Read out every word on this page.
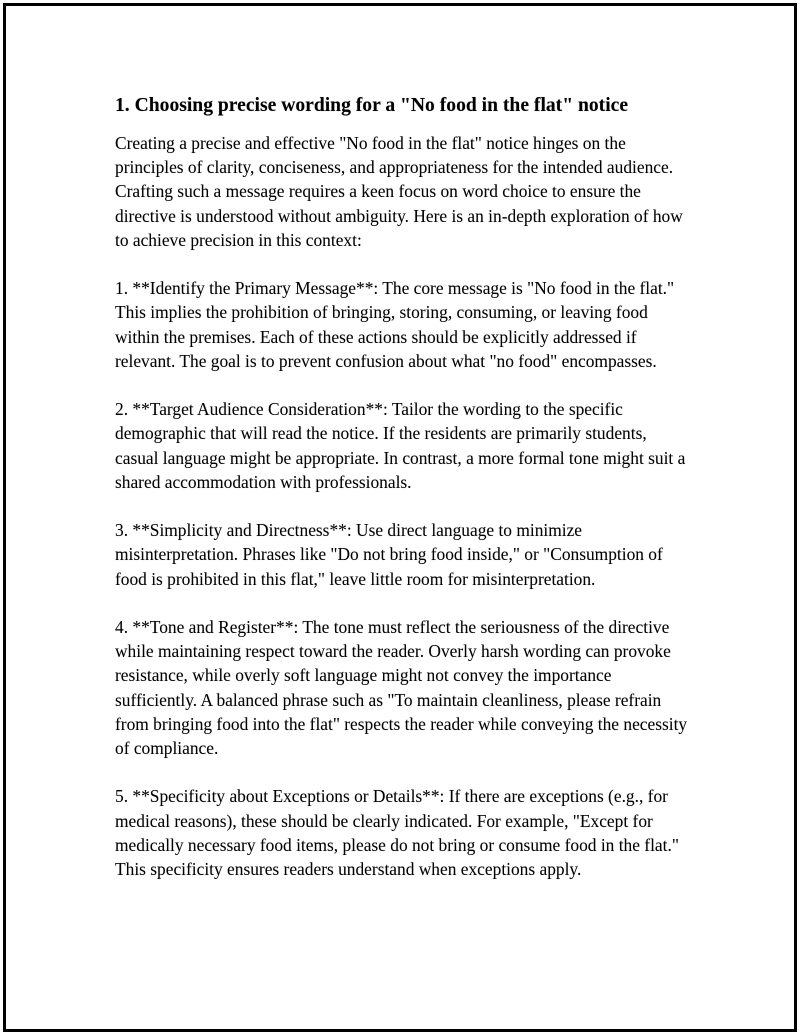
1. Choosing precise wording for a "No food in the flat" notice

Creating a precise and effective "No food in the flat" notice hinges on the principles of clarity, conciseness, and appropriateness for the intended audience. Crafting such a message requires a keen focus on word choice to ensure the directive is understood without ambiguity. Here is an in-depth exploration of how to achieve precision in this context:

1. **Identify the Primary Message**: The core message is "No food in the flat." This implies the prohibition of bringing, storing, consuming, or leaving food within the premises. Each of these actions should be explicitly addressed if relevant. The goal is to prevent confusion about what "no food" encompasses.

2. **Target Audience Consideration**: Tailor the wording to the specific demographic that will read the notice. If the residents are primarily students, casual language might be appropriate. In contrast, a more formal tone might suit a shared accommodation with professionals.

3. **Simplicity and Directness**: Use direct language to minimize misinterpretation. Phrases like "Do not bring food inside," or "Consumption of food is prohibited in this flat," leave little room for misinterpretation.

4. **Tone and Register**: The tone must reflect the seriousness of the directive while maintaining respect toward the reader. Overly harsh wording can provoke resistance, while overly soft language might not convey the importance sufficiently. A balanced phrase such as "To maintain cleanliness, please refrain from bringing food into the flat" respects the reader while conveying the necessity of compliance.

5. **Specificity about Exceptions or Details**: If there are exceptions (e.g., for medical reasons), these should be clearly indicated. For example, "Except for medically necessary food items, please do not bring or consume food in the flat." This specificity ensures readers understand when exceptions apply.
